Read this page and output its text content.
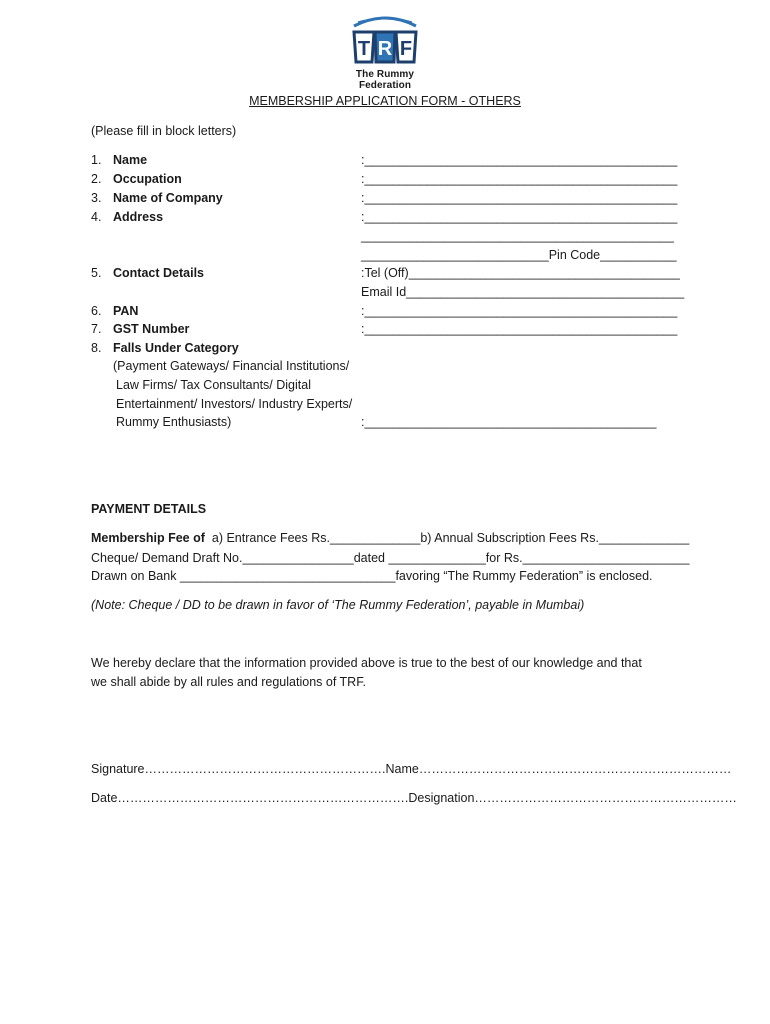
T R F
The Rummy Federation
MEMBERSHIP APPLICATION FORM - OTHERS
(Please fill in block letters)
1. Name	:_____________________________________________
2. Occupation	:_____________________________________________
3. Name of Company	:_____________________________________________
4. Address	:_____________________________________________
_____________________________________________
___________________________Pin Code___________
5. Contact Details	:Tel (Off)_______________________________________
Email Id________________________________________
6. PAN	:_____________________________________________
7. GST Number	:_____________________________________________
8. Falls Under Category
(Payment Gateways/ Financial Institutions/
Law Firms/ Tax Consultants/ Digital
Entertainment/ Investors/ Industry Experts/
Rummy Enthusiasts)	:__________________________________________
PAYMENT DETAILS
Membership Fee of a) Entrance Fees Rs._____________b) Annual Subscription Fees Rs._____________
Cheque/ Demand Draft No.________________dated ______________for Rs.________________________
Drawn on Bank _______________________________favoring “The Rummy Federation” is enclosed.
(Note: Cheque / DD to be drawn in favor of ‘The Rummy Federation’, payable in Mumbai)
We hereby declare that the information provided above is true to the best of our knowledge and that
we shall abide by all rules and regulations of TRF.
Signature………………………………………………….Name…………………………………………………………………
Date…………………………………………………………….Designation………………………………………………………
